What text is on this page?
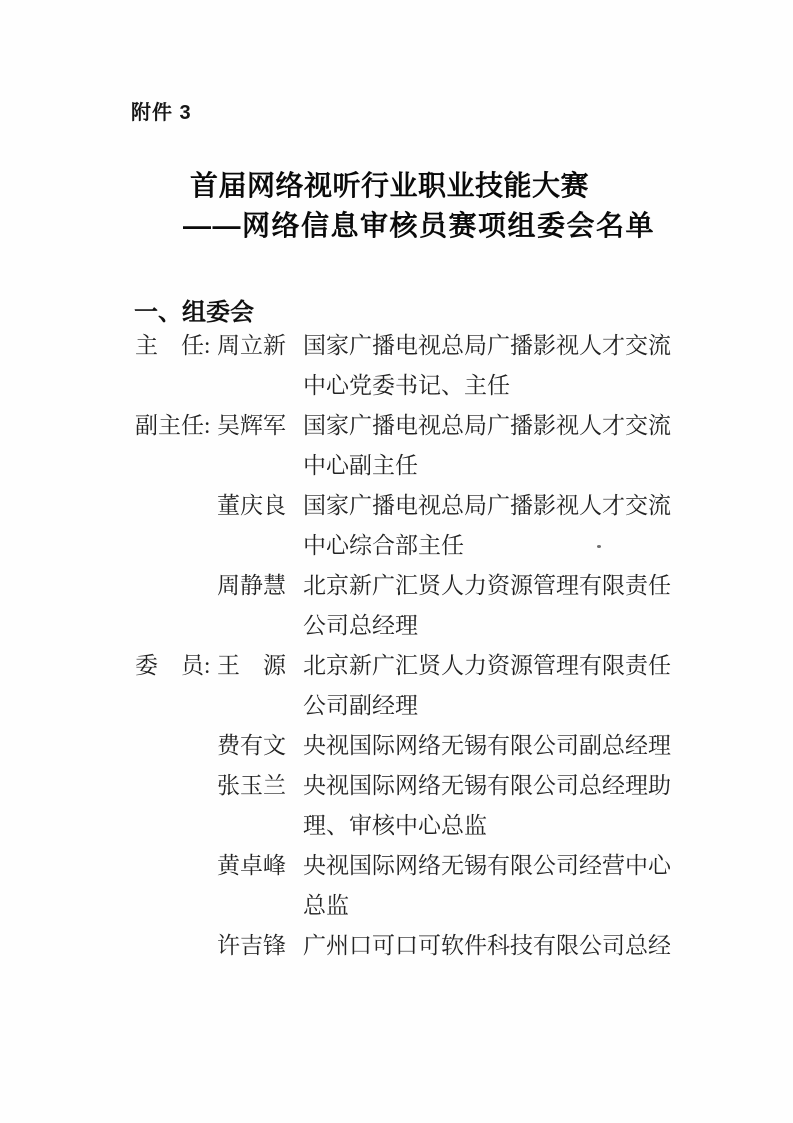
附件 3
首届网络视听行业职业技能大赛
——网络信息审核员赛项组委会名单
一、组委会
主　任: 周立新 国家广播电视总局广播影视人才交流
中心党委书记、主任
副主任: 吴辉军 国家广播电视总局广播影视人才交流
中心副主任
董庆良 国家广播电视总局广播影视人才交流
中心综合部主任
周静慧 北京新广汇贤人力资源管理有限责任
公司总经理
委　员: 王　源 北京新广汇贤人力资源管理有限责任
公司副经理
费有文 央视国际网络无锡有限公司副总经理
张玉兰 央视国际网络无锡有限公司总经理助
理、审核中心总监
黄卓峰 央视国际网络无锡有限公司经营中心
总监
许吉锋 广州口可口可软件科技有限公司总经
